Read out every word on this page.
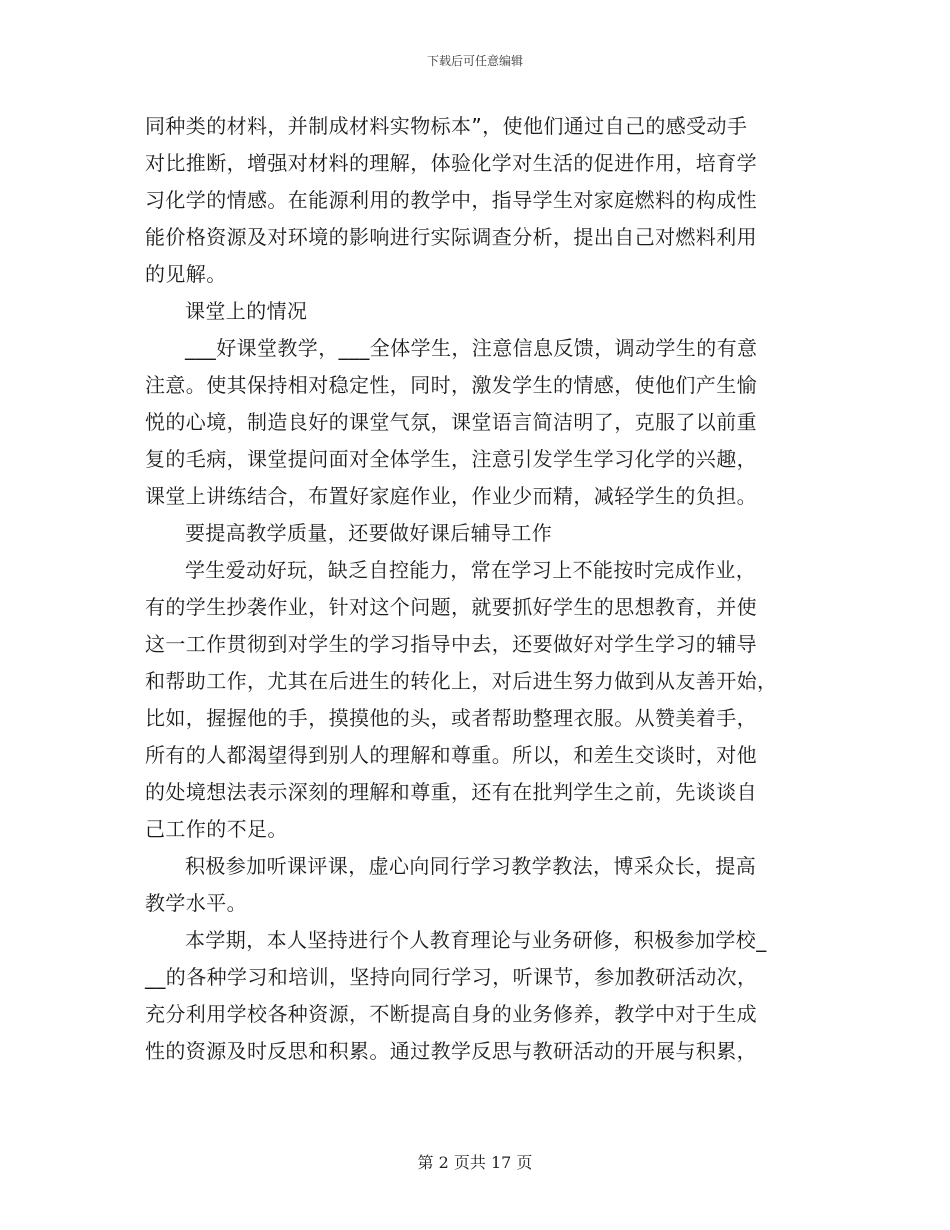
下载后可任意编辑
同种类的材料，并制成材料实物标本”，使他们通过自己的感受动手
对比推断，增强对材料的理解，体验化学对生活的促进作用，培育学
习化学的情感。在能源利用的教学中，指导学生对家庭燃料的构成性
能价格资源及对环境的影响进行实际调查分析，提出自己对燃料利用
的见解。
课堂上的情况
___好课堂教学，___全体学生，注意信息反馈，调动学生的有意
注意。使其保持相对稳定性，同时，激发学生的情感，使他们产生愉
悦的心境，制造良好的课堂气氛，课堂语言简洁明了，克服了以前重
复的毛病，课堂提问面对全体学生，注意引发学生学习化学的兴趣，
课堂上讲练结合，布置好家庭作业，作业少而精，减轻学生的负担。
要提高教学质量，还要做好课后辅导工作
学生爱动好玩，缺乏自控能力，常在学习上不能按时完成作业，
有的学生抄袭作业，针对这个问题，就要抓好学生的思想教育，并使
这一工作贯彻到对学生的学习指导中去，还要做好对学生学习的辅导
和帮助工作，尤其在后进生的转化上，对后进生努力做到从友善开始，
比如，握握他的手，摸摸他的头，或者帮助整理衣服。从赞美着手，
所有的人都渴望得到别人的理解和尊重。所以，和差生交谈时，对他
的处境想法表示深刻的理解和尊重，还有在批判学生之前，先谈谈自
己工作的不足。
积极参加听课评课，虚心向同行学习教学教法，博采众长，提高
教学水平。
本学期，本人坚持进行个人教育理论与业务研修，积极参加学校_
__的各种学习和培训，坚持向同行学习，听课节，参加教研活动次，
充分利用学校各种资源，不断提高自身的业务修养，教学中对于生成
性的资源及时反思和积累。通过教学反思与教研活动的开展与积累，
第 2 页共 17 页
